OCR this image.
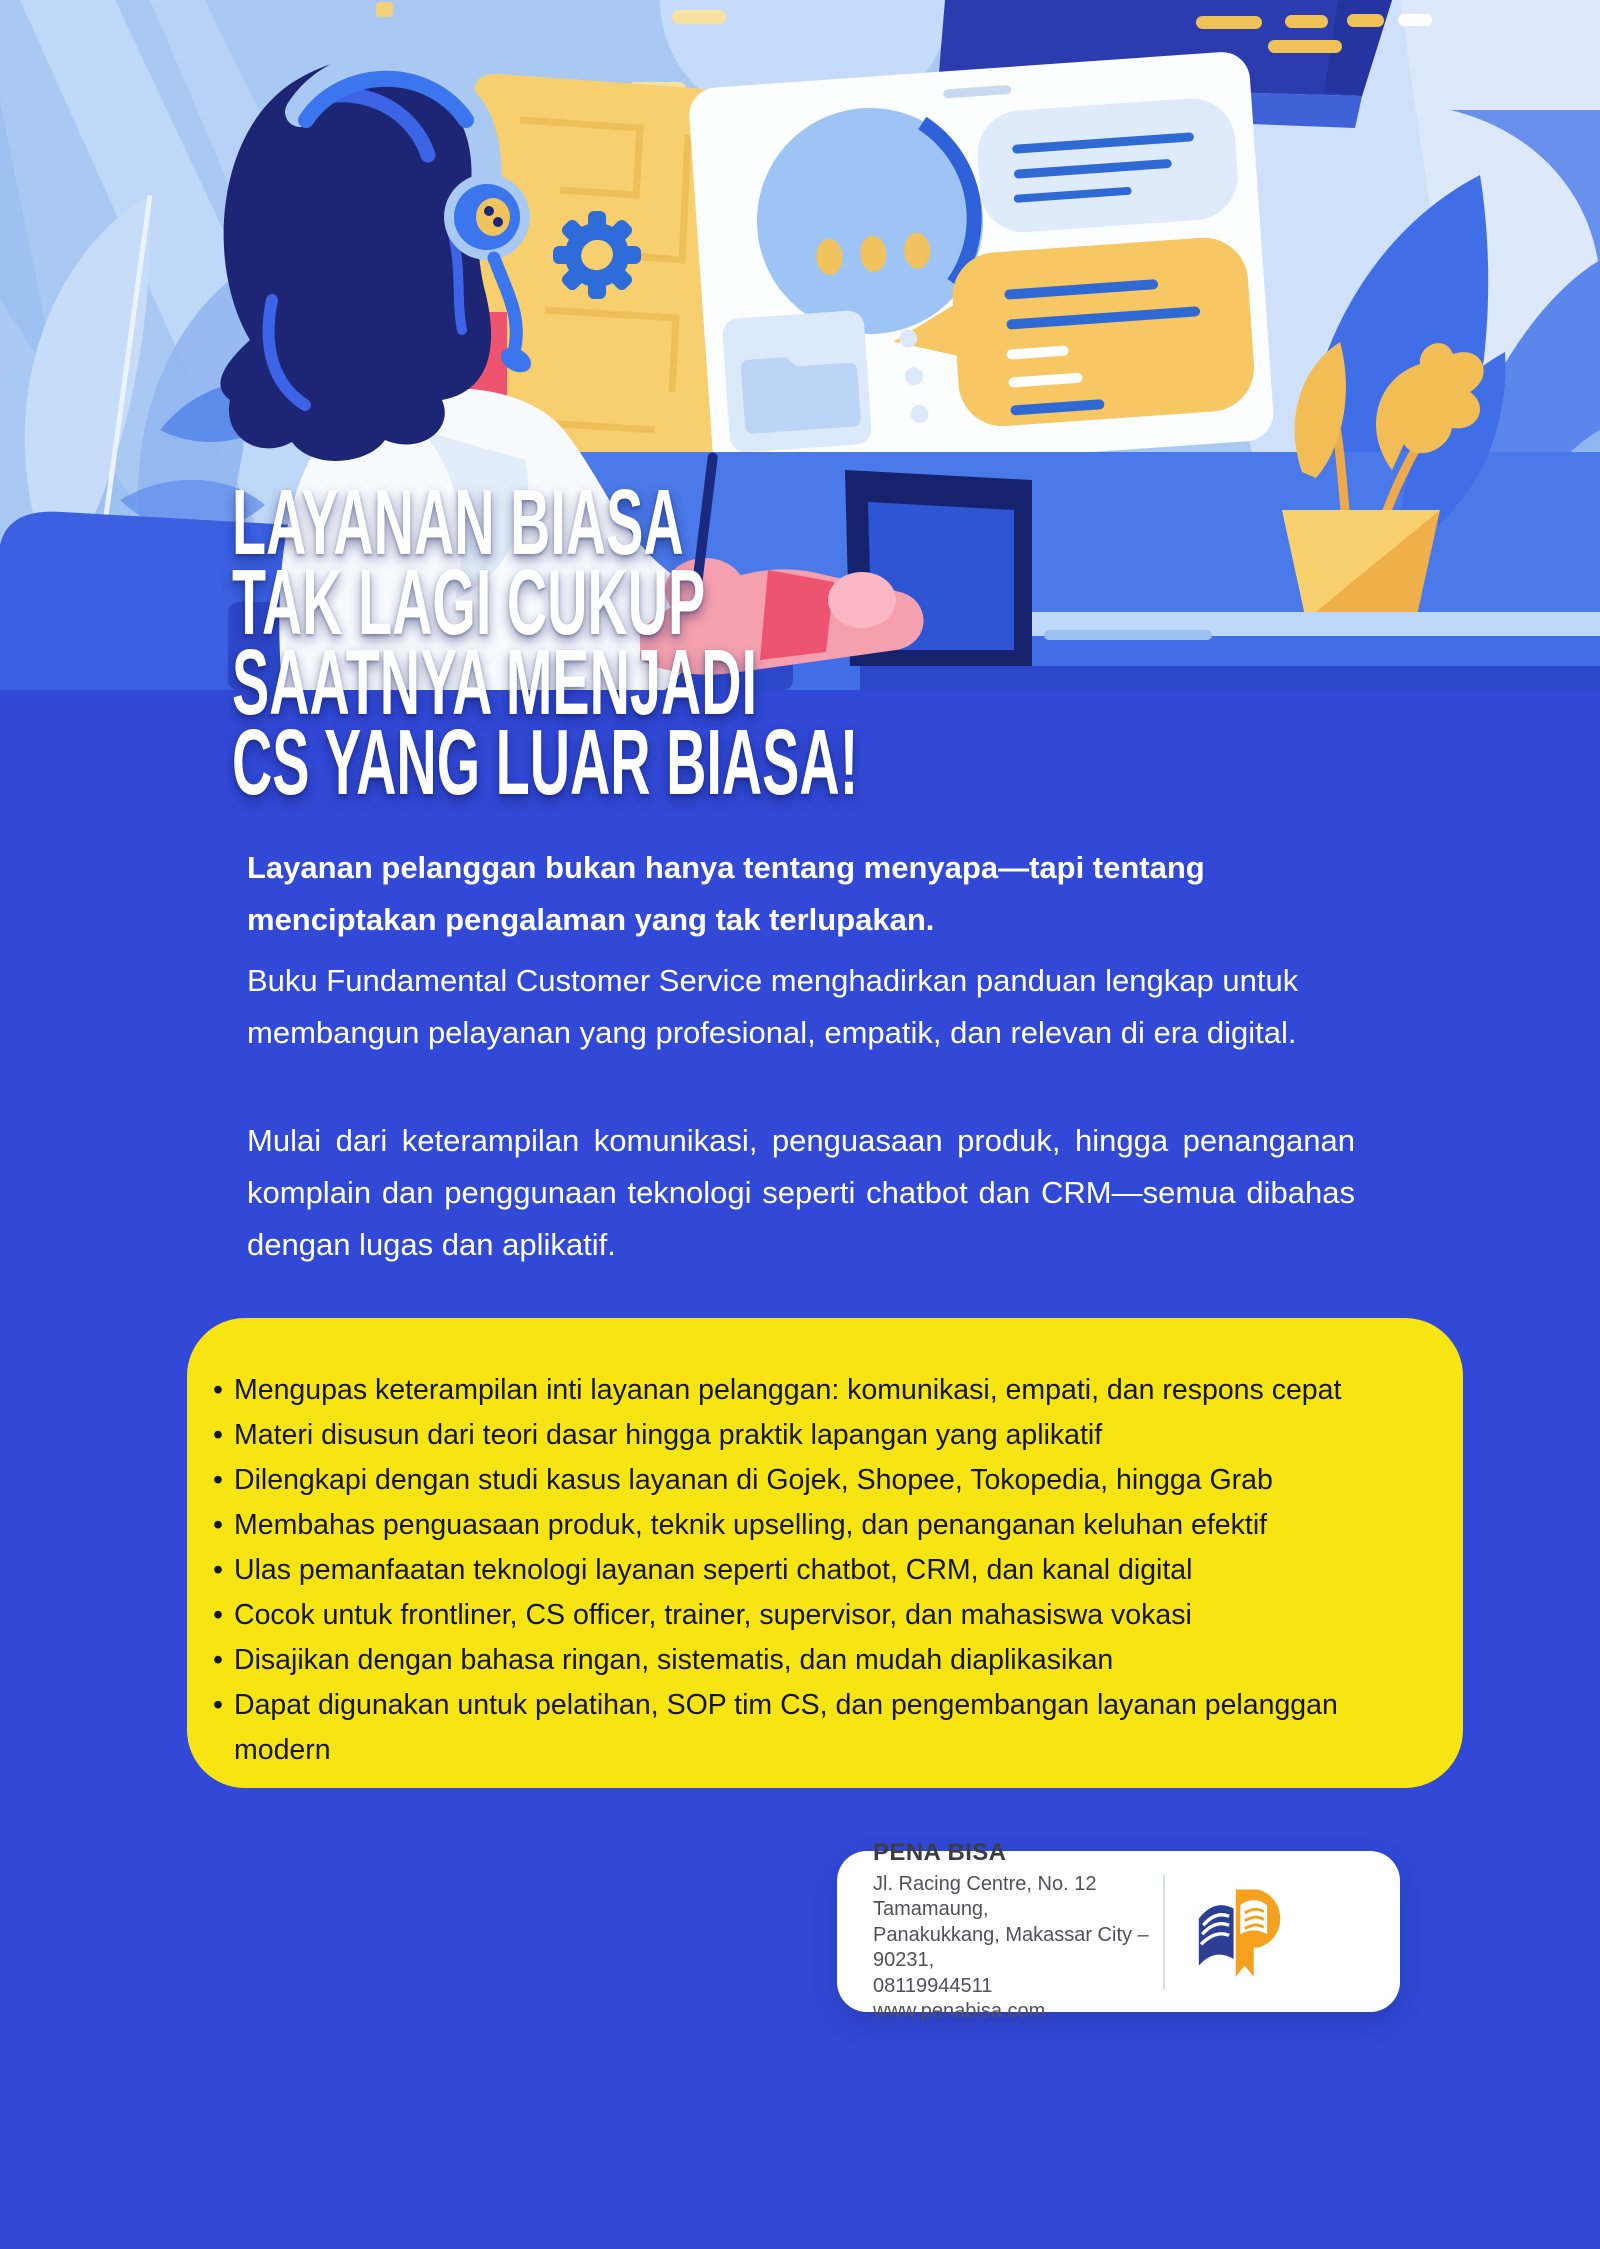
LAYANAN BIASA
TAK LAGI CUKUP
SAATNYA MENJADI
CS YANG LUAR BIASA!

Layanan pelanggan bukan hanya tentang menyapa—tapi tentang menciptakan pengalaman yang tak terlupakan.

Buku Fundamental Customer Service menghadirkan panduan lengkap untuk membangun pelayanan yang profesional, empatik, dan relevan di era digital.

Mulai dari keterampilan komunikasi, penguasaan produk, hingga penanganan komplain dan penggunaan teknologi seperti chatbot dan CRM—semua dibahas dengan lugas dan aplikatif.

• Mengupas keterampilan inti layanan pelanggan: komunikasi, empati, dan respons cepat
• Materi disusun dari teori dasar hingga praktik lapangan yang aplikatif
• Dilengkapi dengan studi kasus layanan di Gojek, Shopee, Tokopedia, hingga Grab
• Membahas penguasaan produk, teknik upselling, dan penanganan keluhan efektif
• Ulas pemanfaatan teknologi layanan seperti chatbot, CRM, dan kanal digital
• Cocok untuk frontliner, CS officer, trainer, supervisor, dan mahasiswa vokasi
• Disajikan dengan bahasa ringan, sistematis, dan mudah diaplikasikan
• Dapat digunakan untuk pelatihan, SOP tim CS, dan pengembangan layanan pelanggan modern
PENA BISA
Jl. Racing Centre, No. 12 Tamamaung,
Panakukkang, Makassar City – 90231,
08119944511
www.penabisa.com
